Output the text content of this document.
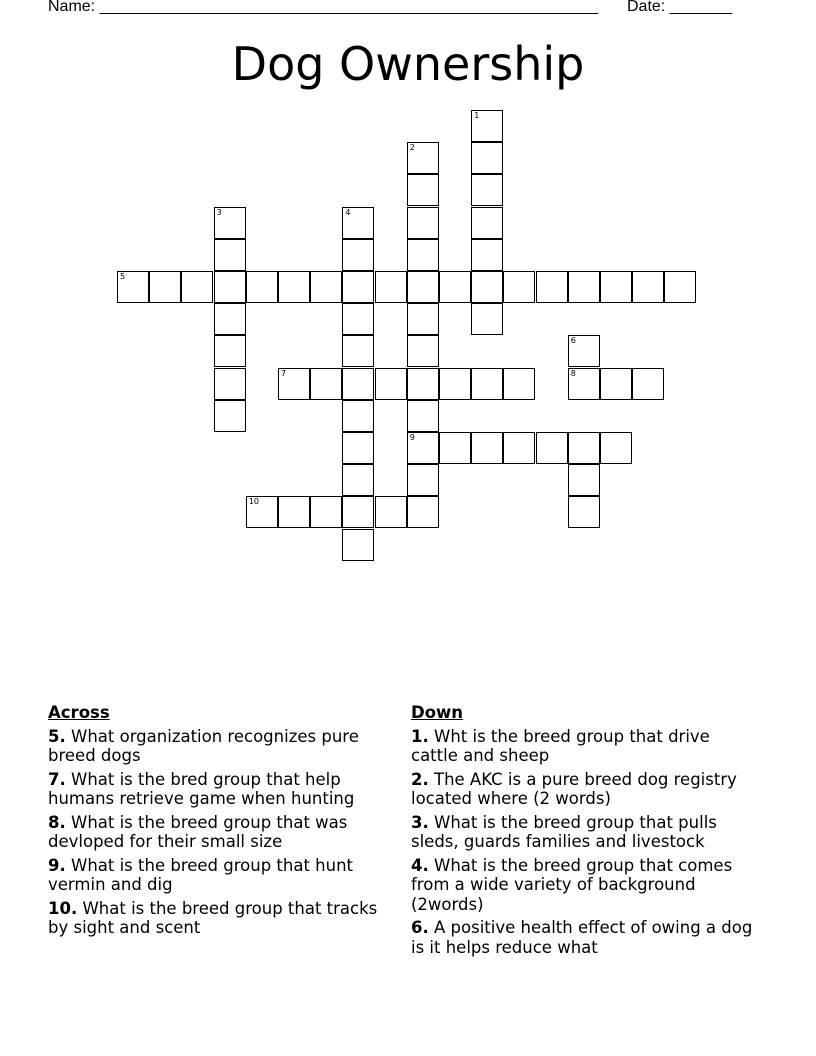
Name: ________________________________________________________ Date: _______
Dog Ownership
1
2
3	4
5
6
7	8
9
10
Across
5. What organization recognizes pure breed dogs
7. What is the bred group that help humans retrieve game when hunting
8. What is the breed group that was devloped for their small size
9. What is the breed group that hunt vermin and dig
10. What is the breed group that tracks by sight and scent
Down
1. Wht is the breed group that drive cattle and sheep
2. The AKC is a pure breed dog registry located where (2 words)
3. What is the breed group that pulls sleds, guards families and livestock
4. What is the breed group that comes from a wide variety of background (2words)
6. A positive health effect of owing a dog is it helps reduce what
